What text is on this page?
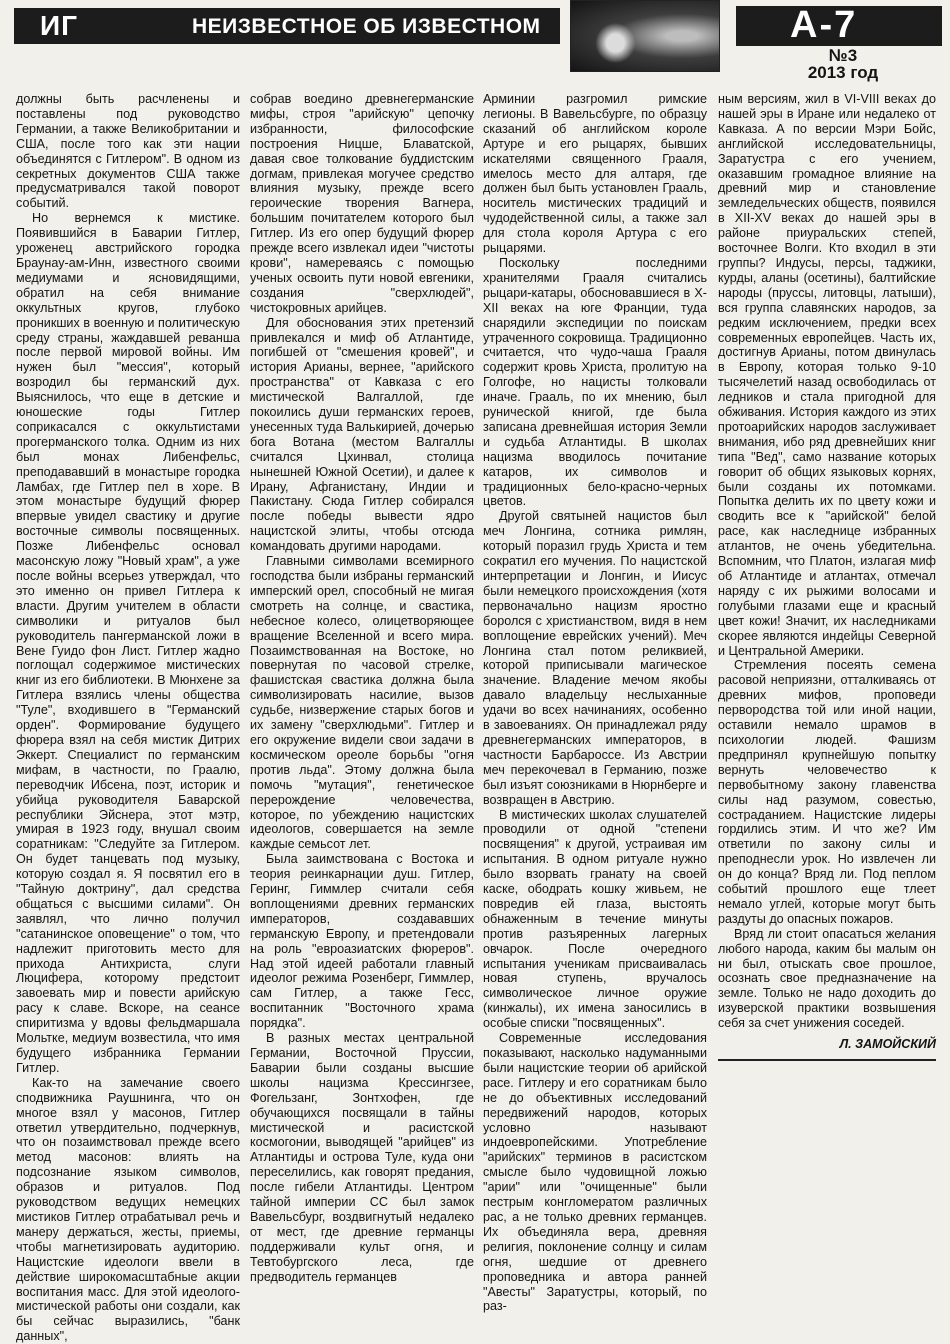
ИГ	НЕИЗВЕСТНОЕ ОБ ИЗВЕСТНОМ	А-7
№3
2013 год

должны быть расчленены и поставлены под руководство Германии, а также Великобритании и США, после того как эти нации объединятся с Гитлером". В одном из секретных документов США также предусматривался такой поворот событий.

Но вернемся к мистике. Появившийся в Баварии Гитлер, уроженец австрийского городка Браунау-ам-Инн, известного своими медиумами и ясновидящими, обратил на себя внимание оккультных кругов, глубоко проникших в военную и политическую среду страны, жаждавшей реванша после первой мировой войны. Им нужен был "мессия", который возродил бы германский дух. Выяснилось, что еще в детские и юношеские годы Гитлер соприкасался с оккультистами прогерманского толка. Одним из них был монах Либенфельс, преподававший в монастыре городка Ламбах, где Гитлер пел в хоре. В этом монастыре будущий фюрер впервые увидел свастику и другие восточные символы посвященных. Позже Либенфельс основал масонскую ложу "Новый храм", а уже после войны всерьез утверждал, что это именно он привел Гитлера к власти. Другим учителем в области символики и ритуалов был руководитель пангерманской ложи в Вене Гуидо фон Лист. Гитлер жадно поглощал содержимое мистических книг из его библиотеки. В Мюнхене за Гитлера взялись члены общества "Туле", входившего в "Германский орден". Формирование будущего фюрера взял на себя мистик Дитрих Эккерт. Специалист по германским мифам, в частности, по Граалю, переводчик Ибсена, поэт, историк и убийца руководителя Баварской республики Эйснера, этот мэтр, умирая в 1923 году, внушал своим соратникам: "Следуйте за Гитлером. Он будет танцевать под музыку, которую создал я. Я посвятил его в "Тайную доктрину", дал средства общаться с высшими силами". Он заявлял, что лично получил "сатанинское оповещение" о том, что надлежит приготовить место для прихода Антихриста, слуги Люцифера, которому предстоит завоевать мир и повести арийскую расу к славе. Вскоре, на сеансе спиритизма у вдовы фельдмаршала Мольтке, медиум возвестила, что имя будущего избранника Германии Гитлер.

Как-то на замечание своего сподвижника Раушнинга, что он многое взял у масонов, Гитлер ответил утвердительно, подчеркнув, что он позаимствовал прежде всего метод масонов: влиять на подсознание языком символов, образов и ритуалов. Под руководством ведущих немецких мистиков Гитлер отрабатывал речь и манеру держаться, жесты, приемы, чтобы магнетизировать аудиторию. Нацистские идеологи ввели в действие широкомасштабные акции воспитания масс. Для этой идеолого-мистической работы они создали, как бы сейчас выразились, "банк данных",

собрав воедино древнегерманские мифы, строя "арийскую" цепочку избранности, философские построения Ницше, Блаватской, давая свое толкование буддистским догмам, привлекая могучее средство влияния музыку, прежде всего героические творения Вагнера, большим почитателем которого был Гитлер. Из его опер будущий фюрер прежде всего извлекал идеи "чистоты крови", намереваясь с помощью ученых освоить пути новой евгеники, создания "сверхлюдей", чистокровных арийцев.

Для обоснования этих претензий привлекался и миф об Атлантиде, погибшей от "смешения кровей", и история Арианы, вернее, "арийского пространства" от Кавказа с его мистической Валгаллой, где покоились души германских героев, унесенных туда Валькирией, дочерью бога Вотана (местом Валгаллы считался Цхинвал, столица нынешней Южной Осетии), и далее к Ирану, Афганистану, Индии и Пакистану. Сюда Гитлер собирался после победы вывести ядро нацистской элиты, чтобы отсюда командовать другими народами.

Главными символами всемирного господства были избраны германский имперский орел, способный не мигая смотреть на солнце, и свастика, небесное колесо, олицетворяющее вращение Вселенной и всего мира. Позаимствованная на Востоке, но повернутая по часовой стрелке, фашистская свастика должна была символизировать насилие, вызов судьбе, низвержение старых богов и их замену "сверхлюдьми". Гитлер и его окружение видели свои задачи в космическом ореоле борьбы "огня против льда". Этому должна была помочь "мутация", генетическое перерождение человечества, которое, по убеждению нацистских идеологов, совершается на земле каждые семьсот лет.

Была заимствована с Востока и теория реинкарнации душ. Гитлер, Геринг, Гиммлер считали себя воплощениями древних германских императоров, создававших германскую Европу, и претендовали на роль "евроазиатских фюреров". Над этой идеей работали главный идеолог режима Розенберг, Гиммлер, сам Гитлер, а также Гесс, воспитанник "Восточного храма порядка".

В разных местах центральной Германии, Восточной Пруссии, Баварии были созданы высшие школы нацизма Крессингзее, Фогельзанг, Зонтхофен, где обучающихся посвящали в тайны мистической и расистской космогонии, выводящей "арийцев" из Атлантиды и острова Туле, куда они переселились, как говорят предания, после гибели Атлантиды. Центром тайной империи СС был замок Вавельсбург, воздвигнутый недалеко от мест, где древние германцы поддерживали культ огня, и Тевтобургского леса, где предводитель германцев

Арминии разгромил римские легионы. В Вавельсбурге, по образцу сказаний об английском короле Артуре и его рыцарях, бывших искателями священного Грааля, имелось место для алтаря, где должен был быть установлен Грааль, носитель мистических традиций и чудодейственной силы, а также зал для стола короля Артура с его рыцарями.

Поскольку последними хранителями Грааля считались рыцари-катары, обосновавшиеся в X-XII веках на юге Франции, туда снарядили экспедиции по поискам утраченного сокровища. Традиционно считается, что чудо-чаша Грааля содержит кровь Христа, пролитую на Голгофе, но нацисты толковали иначе. Грааль, по их мнению, был рунической книгой, где была записана древнейшая история Земли и судьба Атлантиды. В школах нацизма вводилось почитание катаров, их символов и традиционных бело-красно-черных цветов.

Другой святыней нацистов был меч Лонгина, сотника римлян, который поразил грудь Христа и тем сократил его мучения. По нацистской интерпретации и Лонгин, и Иисус были немецкого происхождения (хотя первоначально нацизм яростно боролся с христианством, видя в нем воплощение еврейских учений). Меч Лонгина стал потом реликвией, которой приписывали магическое значение. Владение мечом якобы давало владельцу неслыханные удачи во всех начинаниях, особенно в завоеваниях. Он принадлежал ряду древнегерманских императоров, в частности Барбароссе. Из Австрии меч перекочевал в Германию, позже был изъят союзниками в Нюрнберге и возвращен в Австрию.

В мистических школах слушателей проводили от одной "степени посвящения" к другой, устраивая им испытания. В одном ритуале нужно было взорвать гранату на своей каске, ободрать кошку живьем, не повредив ей глаза, выстоять обнаженным в течение минуты против разъяренных лагерных овчарок. После очередного испытания ученикам присваивалась новая ступень, вручалось символическое личное оружие (кинжалы), их имена заносились в особые списки "посвященных".

Современные исследования показывают, насколько надуманными были нацистские теории об арийской расе. Гитлеру и его соратникам было не до объективных исследований передвижений народов, которых условно называют индоевропейскими. Употребление "арийских" терминов в расистском смысле было чудовищной ложью "арии" или "очищенные" были пестрым конгломератом различных рас, а не только древних германцев. Их объединяла вера, древняя религия, поклонение солнцу и силам огня, шедшие от древнего проповедника и автора ранней "Авесты" Заратустры, который, по раз-

ным версиям, жил в VI-VIII веках до нашей эры в Иране или недалеко от Кавказа. А по версии Мэри Бойс, английской исследовательницы, Заратустра с его учением, оказавшим громадное влияние на древний мир и становление земледельческих обществ, появился в XII-XV веках до нашей эры в районе приуральских степей, восточнее Волги. Кто входил в эти группы? Индусы, персы, таджики, курды, аланы (осетины), балтийские народы (пруссы, литовцы, латыши), вся группа славянских народов, за редким исключением, предки всех современных европейцев. Часть их, достигнув Арианы, потом двинулась в Европу, которая только 9-10 тысячелетий назад освободилась от ледников и стала пригодной для обживания. История каждого из этих протоарийских народов заслуживает внимания, ибо ряд древнейших книг типа "Вед", само название которых говорит об общих языковых корнях, были созданы их потомками. Попытка делить их по цвету кожи и сводить все к "арийской" белой расе, как наследнице избранных атлантов, не очень убедительна. Вспомним, что Платон, излагая миф об Атлантиде и атлантах, отмечал наряду с их рыжими волосами и голубыми глазами еще и красный цвет кожи! Значит, их наследниками скорее являются индейцы Северной и Центральной Америки.

Стремления посеять семена расовой неприязни, отталкиваясь от древних мифов, проповеди первородства той или иной нации, оставили немало шрамов в психологии людей. Фашизм предпринял крупнейшую попытку вернуть человечество к первобытному закону главенства силы над разумом, совестью, состраданием. Нацистские лидеры гордились этим. И что же? Им ответили по закону силы и преподнесли урок. Но извлечен ли он до конца? Вряд ли. Под пеплом событий прошлого еще тлеет немало углей, которые могут быть раздуты до опасных пожаров.

Вряд ли стоит опасаться желания любого народа, каким бы малым он ни был, отыскать свое прошлое, осознать свое предназначение на земле. Только не надо доходить до изуверской практики возвышения себя за счет унижения соседей.

Л. ЗАМОЙСКИЙ
